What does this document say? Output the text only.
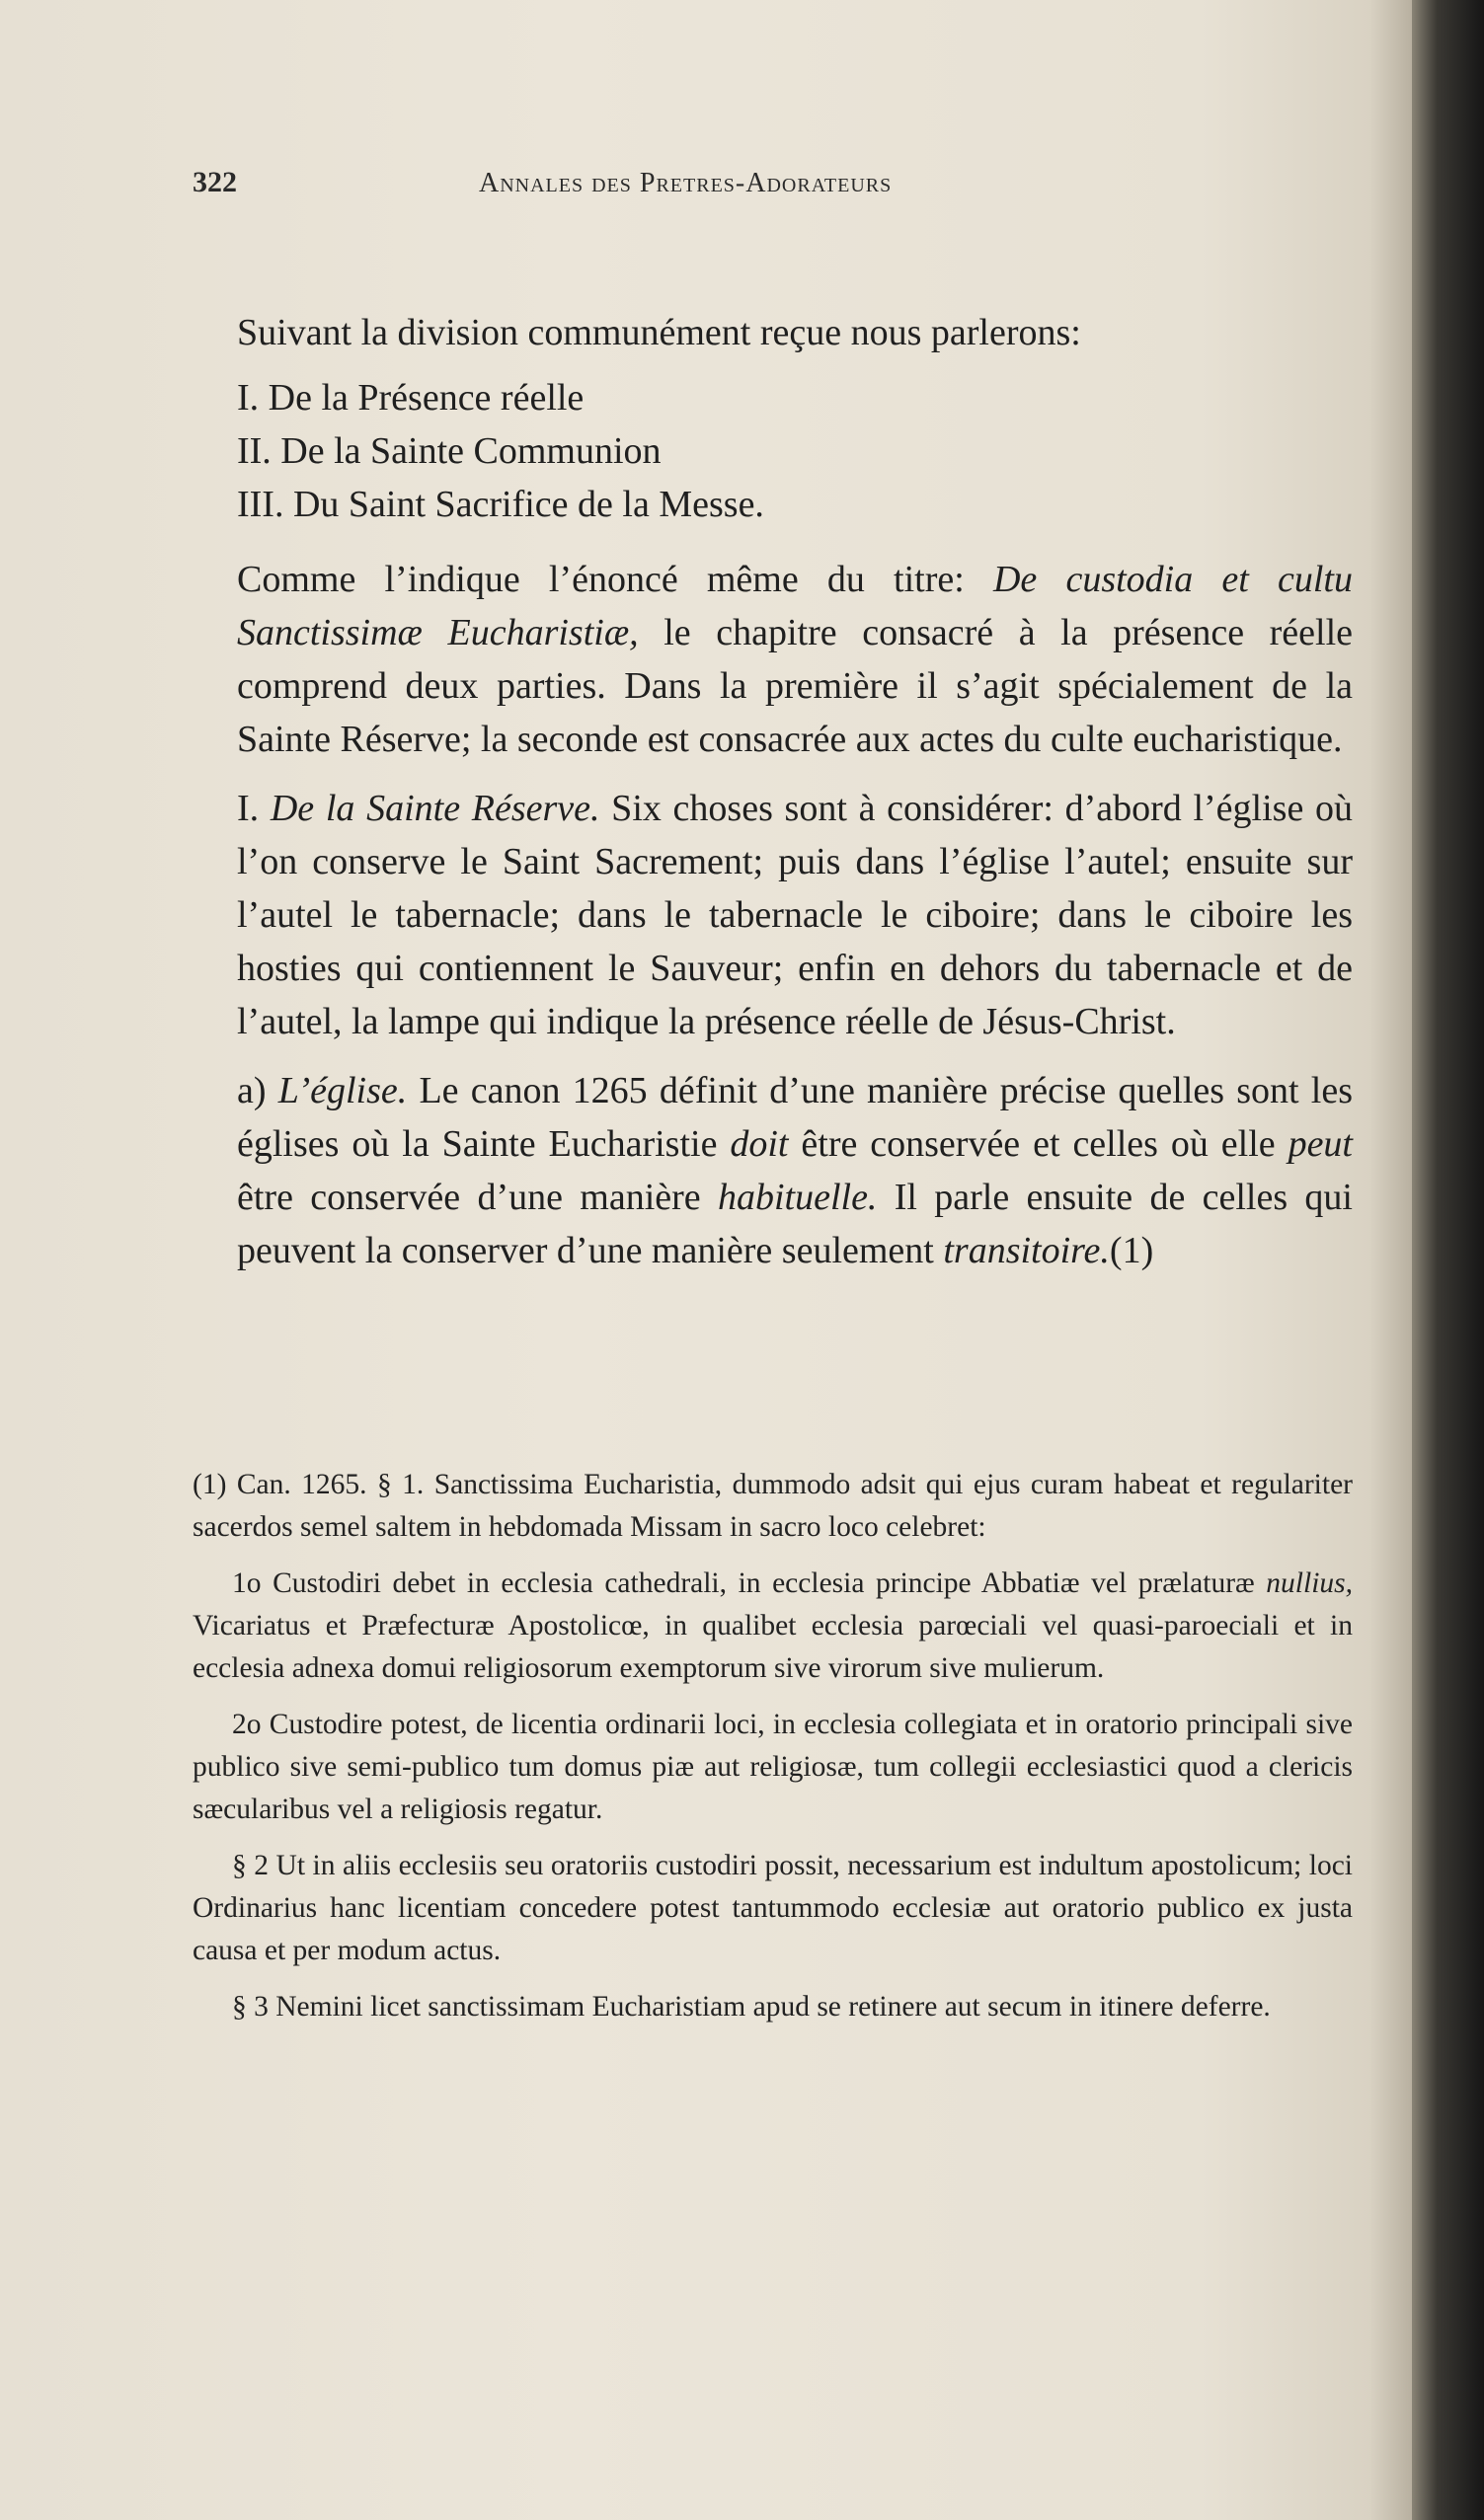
322	Annales des Pretres-Adorateurs

Suivant la division communément reçue nous parlerons:

I. De la Présence réelle

II. De la Sainte Communion

III. Du Saint Sacrifice de la Messe.

Comme l’indique l’énoncé même du titre: De custodia et cultu Sanctissimæ Eucharistiæ, le chapitre consacré à la présence réelle comprend deux parties. Dans la première il s’agit spécialement de la Sainte Réserve; la seconde est consacrée aux actes du culte eucharistique.

I. De la Sainte Réserve. Six choses sont à considérer: d’abord l’église où l’on conserve le Saint Sacrement; puis dans l’église l’autel; ensuite sur l’autel le tabernacle; dans le tabernacle le ciboire; dans le ciboire les hosties qui contiennent le Sauveur; enfin en dehors du tabernacle et de l’autel, la lampe qui indique la présence réelle de Jésus-Christ.

a) L’église. Le canon 1265 définit d’une manière précise quelles sont les églises où la Sainte Eucharistie doit être conservée et celles où elle peut être conservée d’une manière habituelle. Il parle ensuite de celles qui peuvent la conserver d’une manière seulement transitoire.(1)

(1) Can. 1265. § 1. Sanctissima Eucharistia, dummodo adsit qui ejus curam habeat et regulariter sacerdos semel saltem in hebdomada Missam in sacro loco celebret:

1o Custodiri debet in ecclesia cathedrali, in ecclesia principe Abbatiæ vel prælaturæ nullius, Vicariatus et Præfecturæ Apostolicœ, in qualibet ecclesia parœciali vel quasi-paroeciali et in ecclesia adnexa domui religiosorum exemptorum sive virorum sive mulierum.

2o Custodire potest, de licentia ordinarii loci, in ecclesia collegiata et in oratorio principali sive publico sive semi-publico tum domus piæ aut religiosæ, tum collegii ecclesiastici quod a clericis sæcularibus vel a religiosis regatur.

§ 2 Ut in aliis ecclesiis seu oratoriis custodiri possit, necessarium est indultum apostolicum; loci Ordinarius hanc licentiam concedere potest tantummodo ecclesiæ aut oratorio publico ex justa causa et per modum actus.

§ 3 Nemini licet sanctissimam Eucharistiam apud se retinere aut secum in itinere deferre.
